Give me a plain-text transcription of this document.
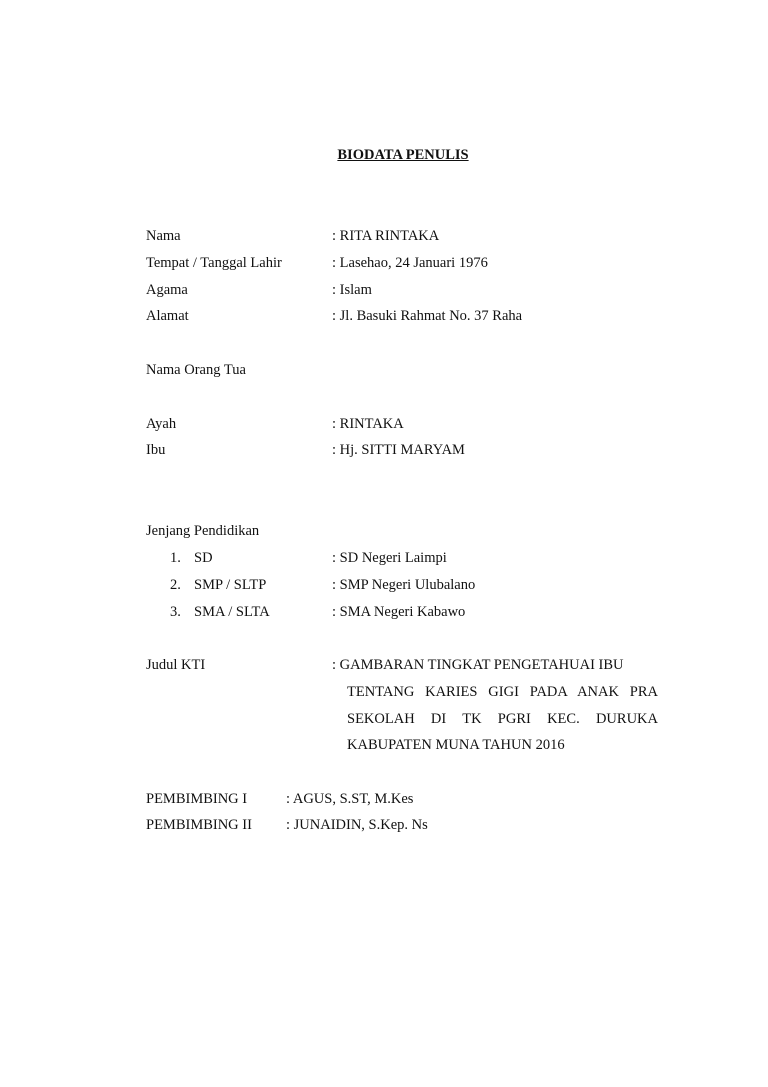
BIODATA PENULIS
Nama	: RITA RINTAKA
Tempat / Tanggal Lahir	: Lasehao, 24 Januari 1976
Agama	: Islam
Alamat	: Jl. Basuki Rahmat No. 37 Raha
Nama Orang Tua
Ayah	: RINTAKA
Ibu	: Hj. SITTI MARYAM
Jenjang Pendidikan
1. SD	: SD Negeri Laimpi
2. SMP / SLTP	: SMP Negeri Ulubalano
3. SMA / SLTA	: SMA Negeri Kabawo
Judul KTI	: GAMBARAN TINGKAT PENGETAHUAI IBU
TENTANG KARIES GIGI PADA ANAK PRA
SEKOLAH DI TK PGRI KEC. DURUKA
KABUPATEN MUNA TAHUN 2016
PEMBIMBING I	: AGUS, S.ST, M.Kes
PEMBIMBING II : JUNAIDIN, S.Kep. Ns
